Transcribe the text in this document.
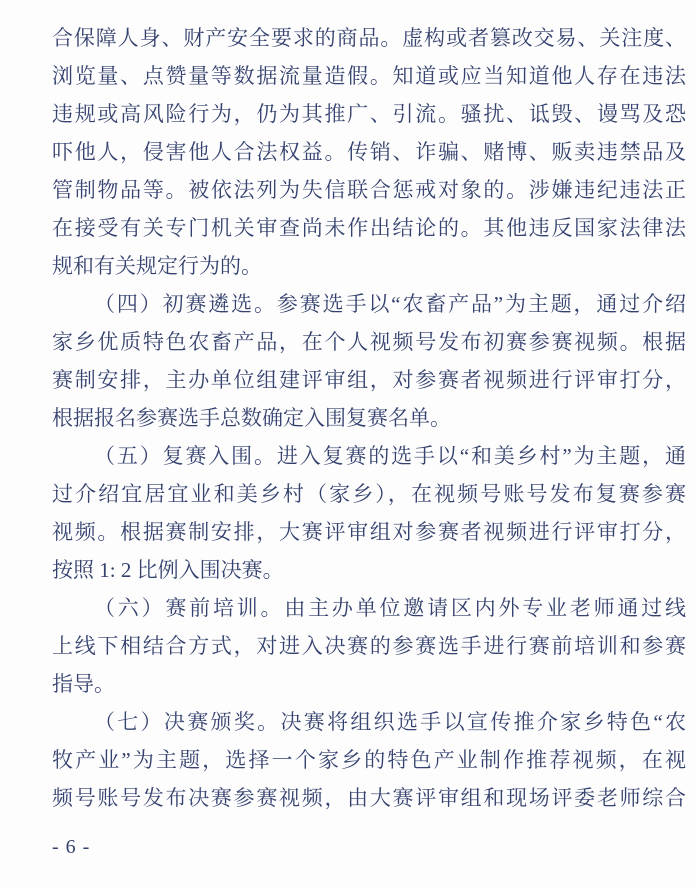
合保障人身、财产安全要求的商品。虚构或者篡改交易、关注度、
浏览量、点赞量等数据流量造假。知道或应当知道他人存在违法
违规或高风险行为，仍为其推广、引流。骚扰、诋毁、谩骂及恐
吓他人，侵害他人合法权益。传销、诈骗、赌博、贩卖违禁品及
管制物品等。被依法列为失信联合惩戒对象的。涉嫌违纪违法正
在接受有关专门机关审查尚未作出结论的。其他违反国家法律法
规和有关规定行为的。
（四）初赛遴选。参赛选手以“农畜产品”为主题，通过介绍
家乡优质特色农畜产品，在个人视频号发布初赛参赛视频。根据
赛制安排，主办单位组建评审组，对参赛者视频进行评审打分，
根据报名参赛选手总数确定入围复赛名单。
（五）复赛入围。进入复赛的选手以“和美乡村”为主题，通
过介绍宜居宜业和美乡村（家乡），在视频号账号发布复赛参赛
视频。根据赛制安排，大赛评审组对参赛者视频进行评审打分，
按照 1: 2 比例入围决赛。
（六）赛前培训。由主办单位邀请区内外专业老师通过线
上线下相结合方式，对进入决赛的参赛选手进行赛前培训和参赛
指导。
（七）决赛颁奖。决赛将组织选手以宣传推介家乡特色“农
牧产业”为主题，选择一个家乡的特色产业制作推荐视频，在视
频号账号发布决赛参赛视频，由大赛评审组和现场评委老师综合
- 6 -
